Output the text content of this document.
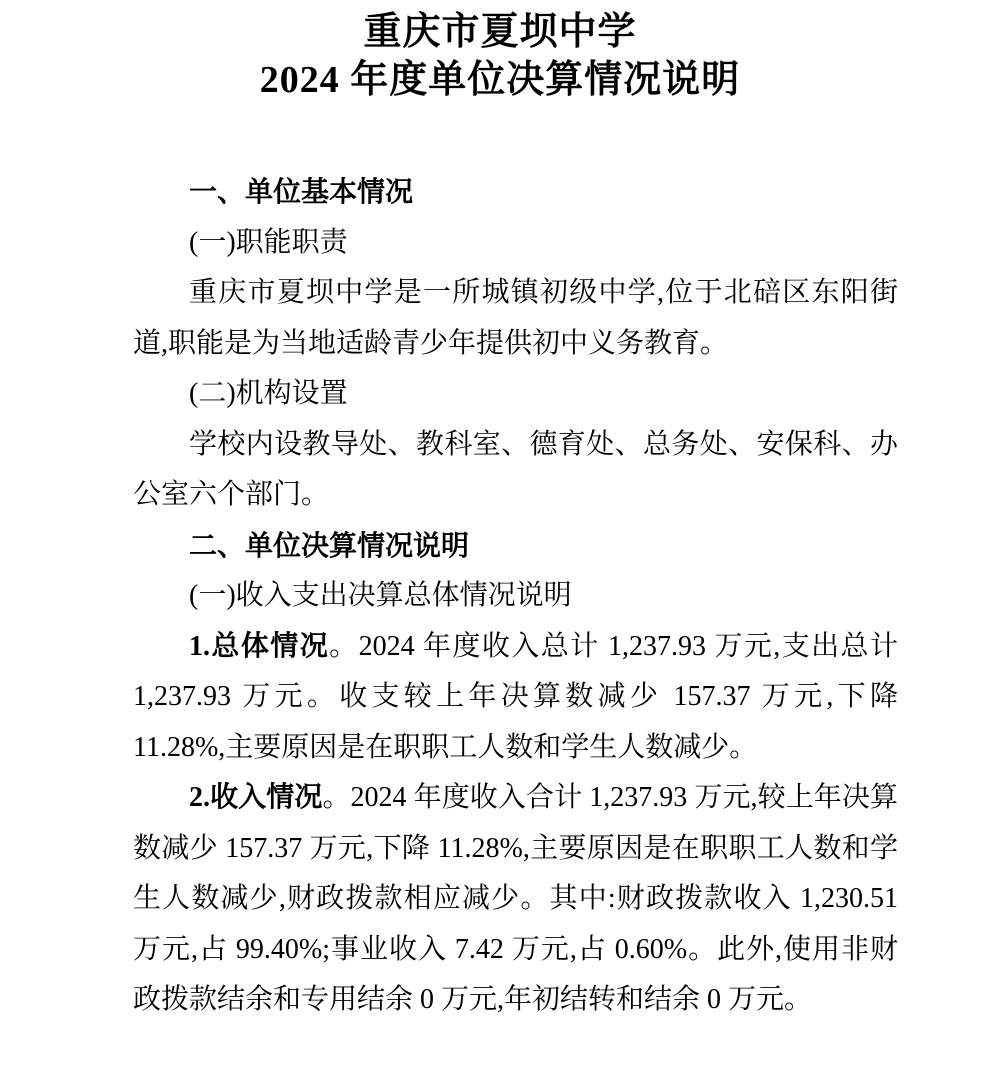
重庆市夏坝中学
2024 年度单位决算情况说明

一、单位基本情况

(一)职能职责

重庆市夏坝中学是一所城镇初级中学,位于北碚区东阳街道,职能是为当地适龄青少年提供初中义务教育。

(二)机构设置

学校内设教导处、教科室、德育处、总务处、安保科、办公室六个部门。

二、单位决算情况说明

(一)收入支出决算总体情况说明

1.总体情况。2024 年度收入总计 1,237.93 万元,支出总计 1,237.93 万元。收支较上年决算数减少 157.37 万元,下降 11.28%,主要原因是在职职工人数和学生人数减少。

2.收入情况。2024 年度收入合计 1,237.93 万元,较上年决算数减少 157.37 万元,下降 11.28%,主要原因是在职职工人数和学生人数减少,财政拨款相应减少。其中:财政拨款收入 1,230.51 万元,占 99.40%;事业收入 7.42 万元,占 0.60%。此外,使用非财政拨款结余和专用结余 0 万元,年初结转和结余 0 万元。
